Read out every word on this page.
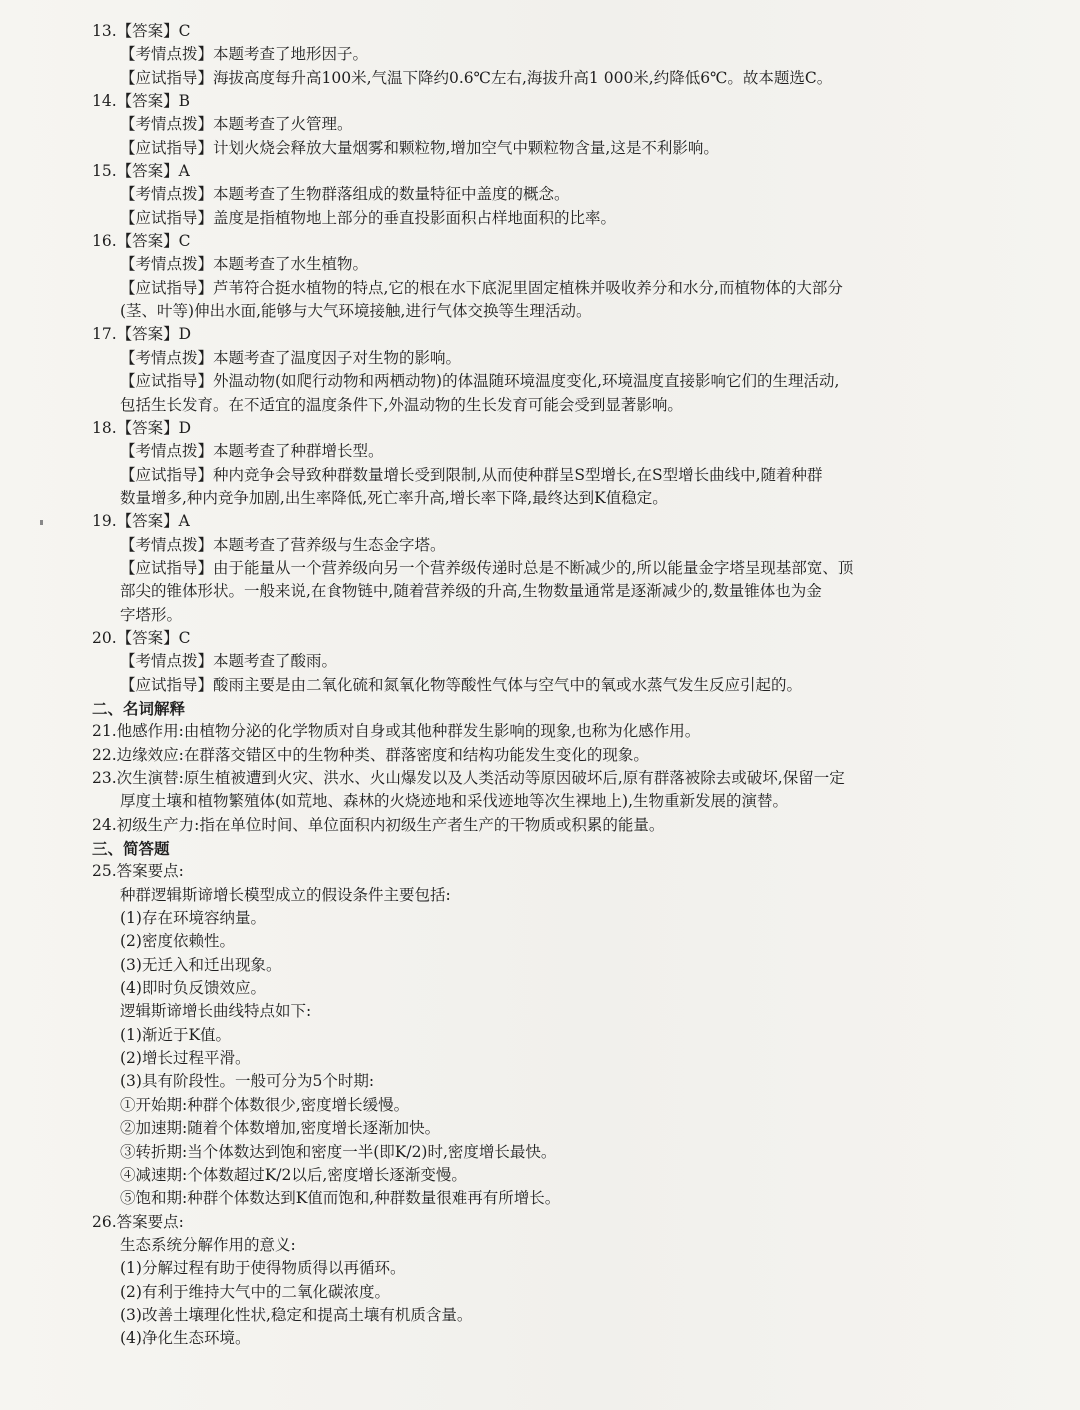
13.【答案】C
【考情点拨】本题考查了地形因子。
【应试指导】海拔高度每升高100米,气温下降约0.6℃左右,海拔升高1 000米,约降低6℃。故本题选C。
14.【答案】B
【考情点拨】本题考查了火管理。
【应试指导】计划火烧会释放大量烟雾和颗粒物,增加空气中颗粒物含量,这是不利影响。
15.【答案】A
【考情点拨】本题考查了生物群落组成的数量特征中盖度的概念。
【应试指导】盖度是指植物地上部分的垂直投影面积占样地面积的比率。
16.【答案】C
【考情点拨】本题考查了水生植物。
【应试指导】芦苇符合挺水植物的特点,它的根在水下底泥里固定植株并吸收养分和水分,而植物体的大部分
(茎、叶等)伸出水面,能够与大气环境接触,进行气体交换等生理活动。
17.【答案】D
【考情点拨】本题考查了温度因子对生物的影响。
【应试指导】外温动物(如爬行动物和两栖动物)的体温随环境温度变化,环境温度直接影响它们的生理活动,
包括生长发育。在不适宜的温度条件下,外温动物的生长发育可能会受到显著影响。
18.【答案】D
【考情点拨】本题考查了种群增长型。
【应试指导】种内竞争会导致种群数量增长受到限制,从而使种群呈S型增长,在S型增长曲线中,随着种群
数量增多,种内竞争加剧,出生率降低,死亡率升高,增长率下降,最终达到K值稳定。
19.【答案】A
【考情点拨】本题考查了营养级与生态金字塔。
【应试指导】由于能量从一个营养级向另一个营养级传递时总是不断减少的,所以能量金字塔呈现基部宽、顶
部尖的锥体形状。一般来说,在食物链中,随着营养级的升高,生物数量通常是逐渐减少的,数量锥体也为金
字塔形。
20.【答案】C
【考情点拨】本题考查了酸雨。
【应试指导】酸雨主要是由二氧化硫和氮氧化物等酸性气体与空气中的氧或水蒸气发生反应引起的。
二、名词解释
21.他感作用:由植物分泌的化学物质对自身或其他种群发生影响的现象,也称为化感作用。
22.边缘效应:在群落交错区中的生物种类、群落密度和结构功能发生变化的现象。
23.次生演替:原生植被遭到火灾、洪水、火山爆发以及人类活动等原因破坏后,原有群落被除去或破坏,保留一定
厚度土壤和植物繁殖体(如荒地、森林的火烧迹地和采伐迹地等次生裸地上),生物重新发展的演替。
24.初级生产力:指在单位时间、单位面积内初级生产者生产的干物质或积累的能量。
三、简答题
25.答案要点:
种群逻辑斯谛增长模型成立的假设条件主要包括:
(1)存在环境容纳量。
(2)密度依赖性。
(3)无迁入和迁出现象。
(4)即时负反馈效应。
逻辑斯谛增长曲线特点如下:
(1)渐近于K值。
(2)增长过程平滑。
(3)具有阶段性。一般可分为5个时期:
①开始期:种群个体数很少,密度增长缓慢。
②加速期:随着个体数增加,密度增长逐渐加快。
③转折期:当个体数达到饱和密度一半(即K/2)时,密度增长最快。
④减速期:个体数超过K/2以后,密度增长逐渐变慢。
⑤饱和期:种群个体数达到K值而饱和,种群数量很难再有所增长。
26.答案要点:
生态系统分解作用的意义:
(1)分解过程有助于使得物质得以再循环。
(2)有利于维持大气中的二氧化碳浓度。
(3)改善土壤理化性状,稳定和提高土壤有机质含量。
(4)净化生态环境。
